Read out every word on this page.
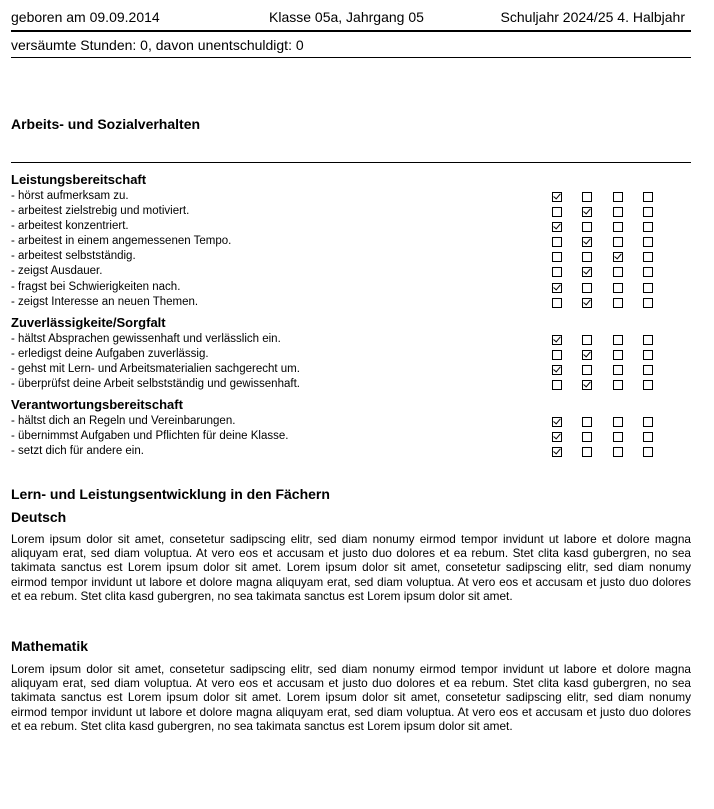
geboren am 09.09.2014	Klasse 05a, Jahrgang 05	Schuljahr 2024/25 4. Halbjahr
versäumte Stunden: 0, davon unentschuldigt: 0
Arbeits- und Sozialverhalten
Leistungsbereitschaft
- hörst aufmerksam zu.
- arbeitest zielstrebig und motiviert.
- arbeitest konzentriert.
- arbeitest in einem angemessenen Tempo.
- arbeitest selbstständig.
- zeigst Ausdauer.
- fragst bei Schwierigkeiten nach.
- zeigst Interesse an neuen Themen.
Zuverlässigkeite/Sorgfalt
- hältst Absprachen gewissenhaft und verlässlich ein.
- erledigst deine Aufgaben zuverlässig.
- gehst mit Lern- und Arbeitsmaterialien sachgerecht um.
- überprüfst deine Arbeit selbstständig und gewissenhaft.
Verantwortungsbereitschaft
- hältst dich an Regeln und Vereinbarungen.
- übernimmst Aufgaben und Pflichten für deine Klasse.
- setzt dich für andere ein.
Lern- und Leistungsentwicklung in den Fächern
Deutsch
Lorem ipsum dolor sit amet, consetetur sadipscing elitr, sed diam nonumy eirmod tempor invidunt ut labore et dolore magna aliquyam erat, sed diam voluptua. At vero eos et accusam et justo duo dolores et ea rebum. Stet clita kasd gubergren, no sea takimata sanctus est Lorem ipsum dolor sit amet. Lorem ipsum dolor sit amet, consetetur sadipscing elitr, sed diam nonumy eirmod tempor invidunt ut labore et dolore magna aliquyam erat, sed diam voluptua. At vero eos et accusam et justo duo dolores et ea rebum. Stet clita kasd gubergren, no sea takimata sanctus est Lorem ipsum dolor sit amet.
Mathematik
Lorem ipsum dolor sit amet, consetetur sadipscing elitr, sed diam nonumy eirmod tempor invidunt ut labore et dolore magna aliquyam erat, sed diam voluptua. At vero eos et accusam et justo duo dolores et ea rebum. Stet clita kasd gubergren, no sea takimata sanctus est Lorem ipsum dolor sit amet. Lorem ipsum dolor sit amet, consetetur sadipscing elitr, sed diam nonumy eirmod tempor invidunt ut labore et dolore magna aliquyam erat, sed diam voluptua. At vero eos et accusam et justo duo dolores et ea rebum. Stet clita kasd gubergren, no sea takimata sanctus est Lorem ipsum dolor sit amet.
